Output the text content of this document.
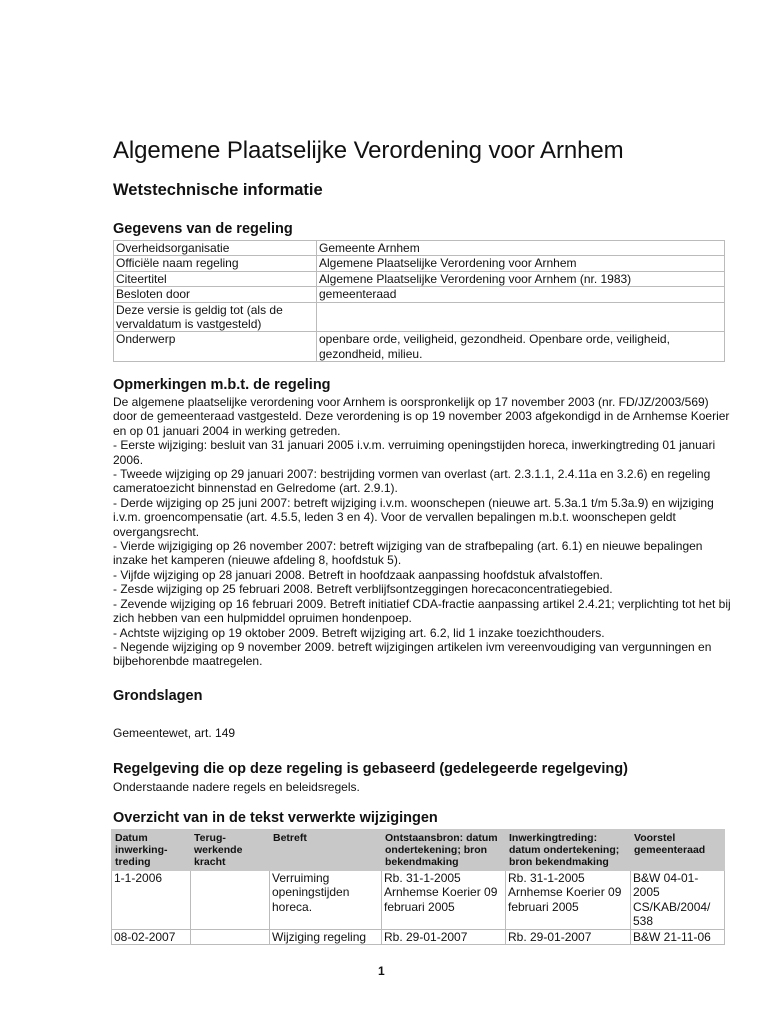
Algemene Plaatselijke Verordening voor Arnhem
Wetstechnische informatie
Gegevens van de regeling
Overheidsorganisatie	Gemeente Arnhem
Officiële naam regeling	Algemene Plaatselijke Verordening voor Arnhem
Citeertitel	Algemene Plaatselijke Verordening voor Arnhem (nr. 1983)
Besloten door	gemeenteraad
Deze versie is geldig tot (als de vervaldatum is vastgesteld)	
Onderwerp	openbare orde, veiligheid, gezondheid. Openbare orde, veiligheid, gezondheid, milieu.
Opmerkingen m.b.t. de regeling

De algemene plaatselijke verordening voor Arnhem is oorspronkelijk op 17 november 2003 (nr. FD/JZ/2003/569) door de gemeenteraad vastgesteld. Deze verordening is op 19 november 2003 afgekondigd in de Arnhemse Koerier en op 01 januari 2004 in werking getreden.

- Eerste wijziging: besluit van 31 januari 2005 i.v.m. verruiming openingstijden horeca, inwerkingtreding 01 januari 2006.

- Tweede wijziging op 29 januari 2007: bestrijding vormen van overlast (art. 2.3.1.1, 2.4.11a en 3.2.6) en regeling cameratoezicht binnenstad en Gelredome (art. 2.9.1).

- Derde wijziging op 25 juni 2007: betreft wijziging i.v.m. woonschepen (nieuwe art. 5.3a.1 t/m 5.3a.9) en wijziging i.v.m. groencompensatie (art. 4.5.5, leden 3 en 4). Voor de vervallen bepalingen m.b.t. woonschepen geldt overgangsrecht.

- Vierde wijzigiging op 26 november 2007: betreft wijziging van de strafbepaling (art. 6.1) en nieuwe bepalingen inzake het kamperen (nieuwe afdeling 8, hoofdstuk 5).

- Vijfde wijziging op 28 januari 2008. Betreft in hoofdzaak aanpassing hoofdstuk afvalstoffen.

- Zesde wijziging op 25 februari 2008. Betreft verblijfsontzeggingen horecaconcentratiegebied.

- Zevende wijziging op 16 februari 2009. Betreft initiatief CDA-fractie aanpassing artikel 2.4.21; verplichting tot het bij zich hebben van een hulpmiddel opruimen hondenpoep.

- Achtste wijziging op 19 oktober 2009. Betreft wijziging art. 6.2, lid 1 inzake toezichthouders.

- Negende wijziging op 9 november 2009. betreft wijzigingen artikelen ivm vereenvoudiging van vergunningen en bijbehorenbde maatregelen.

Grondslagen
Gemeentewet, art. 149
Regelgeving die op deze regeling is gebaseerd (gedelegeerde regelgeving)
Onderstaande nadere regels en beleidsregels.
Overzicht van in de tekst verwerkte wijzigingen
Datum inwerking-treding	Terug-werkende kracht	Betreft	Ontstaansbron: datum ondertekening; bron bekendmaking	Inwerkingtreding: datum ondertekening; bron bekendmaking	Voorstel gemeenteraad
1-1-2006		Verruiming openingstijden horeca.	Rb. 31-1-2005 Arnhemse Koerier 09 februari 2005	Rb. 31-1-2005 Arnhemse Koerier 09 februari 2005	B&W 04-01-2005 CS/KAB/2004/ 538
08-02-2007		Wijziging regeling	Rb. 29-01-2007	Rb. 29-01-2007	B&W 21-11-06
1
